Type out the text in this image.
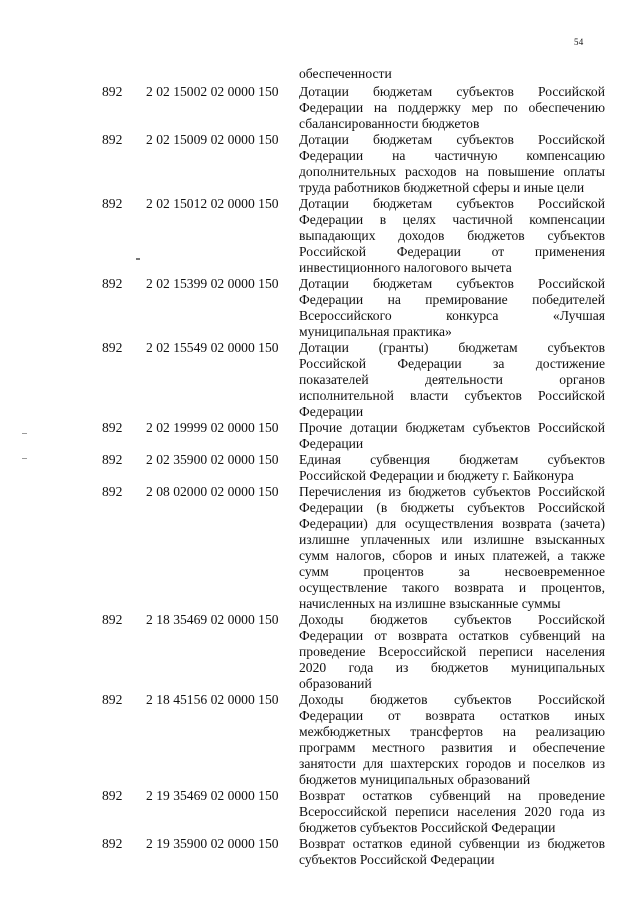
54
обеспеченности
892 2 02 15002 02 0000 150 Дотации бюджетам субъектов Российской
Федерации на поддержку мер по обеспечению
сбалансированности бюджетов
892 2 02 15009 02 0000 150 Дотации бюджетам субъектов Российской
Федерации на частичную компенсацию
дополнительных расходов на повышение оплаты
труда работников бюджетной сферы и иные цели
892 2 02 15012 02 0000 150 Дотации бюджетам субъектов Российской
Федерации в целях частичной компенсации
выпадающих доходов бюджетов субъектов
Российской Федерации от применения
инвестиционного налогового вычета
892 2 02 15399 02 0000 150 Дотации бюджетам субъектов Российской
Федерации на премирование победителей
Всероссийского конкурса «Лучшая
муниципальная практика»
892 2 02 15549 02 0000 150 Дотации (гранты) бюджетам субъектов
Российской Федерации за достижение
показателей деятельности органов
исполнительной власти субъектов Российской
Федерации
892 2 02 19999 02 0000 150 Прочие дотации бюджетам субъектов Российской
Федерации
892 2 02 35900 02 0000 150 Единая субвенция бюджетам субъектов
Российской Федерации и бюджету г. Байконура
892 2 08 02000 02 0000 150 Перечисления из бюджетов субъектов Российской
Федерации (в бюджеты субъектов Российской
Федерации) для осуществления возврата (зачета)
излишне уплаченных или излишне взысканных
сумм налогов, сборов и иных платежей, а также
сумм процентов за несвоевременное
осуществление такого возврата и процентов,
начисленных на излишне взысканные суммы
892 2 18 35469 02 0000 150 Доходы бюджетов субъектов Российской
Федерации от возврата остатков субвенций на
проведение Всероссийской переписи населения
2020 года из бюджетов муниципальных
образований
892 2 18 45156 02 0000 150 Доходы бюджетов субъектов Российской
Федерации от возврата остатков иных
межбюджетных трансфертов на реализацию
программ местного развития и обеспечение
занятости для шахтерских городов и поселков из
бюджетов муниципальных образований
892 2 19 35469 02 0000 150 Возврат остатков субвенций на проведение
Всероссийской переписи населения 2020 года из
бюджетов субъектов Российской Федерации
892 2 19 35900 02 0000 150 Возврат остатков единой субвенции из бюджетов
субъектов Российской Федерации
